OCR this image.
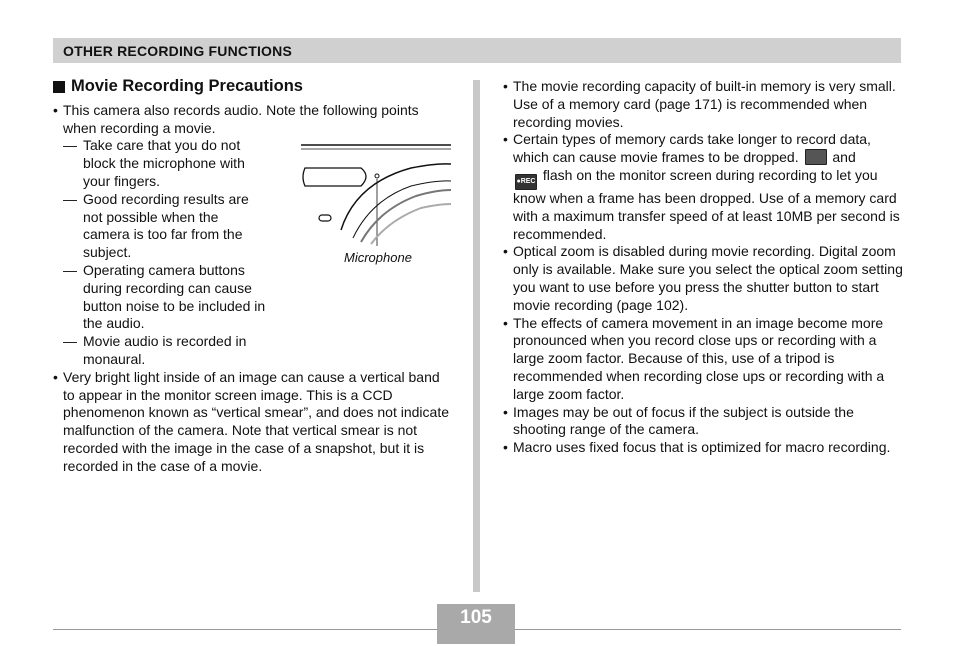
OTHER RECORDING FUNCTIONS
Movie Recording Precautions

• This camera also records audio. Note the following points when recording a movie.

— Take care that you do not block the microphone with your fingers.

— Good recording results are not possible when the camera is too far from the subject.

— Operating camera buttons during recording can cause button noise to be included in the audio.

— Movie audio is recorded in monaural.

• Very bright light inside of an image can cause a vertical band to appear in the monitor screen image. This is a CCD phenomenon known as “vertical smear”, and does not indicate malfunction of the camera. Note that vertical smear is not recorded with the image in the case of a snapshot, but it is recorded in the case of a movie.

Microphone

• The movie recording capacity of built-in memory is very small. Use of a memory card (page 171) is recommended when recording movies.

• Certain types of memory cards take longer to record data, which can cause movie frames to be dropped. and
●REC flash on the monitor screen during recording to let you know when a frame has been dropped. Use of a memory card with a maximum transfer speed of at least 10MB per second is recommended.

• Optical zoom is disabled during movie recording. Digital zoom only is available. Make sure you select the optical zoom setting you want to use before you press the shutter button to start movie recording (page 102).

• The effects of camera movement in an image become more pronounced when you record close ups or recording with a large zoom factor. Because of this, use of a tripod is recommended when recording close ups or recording with a large zoom factor.

• Images may be out of focus if the subject is outside the shooting range of the camera.

• Macro uses fixed focus that is optimized for macro recording.

105
